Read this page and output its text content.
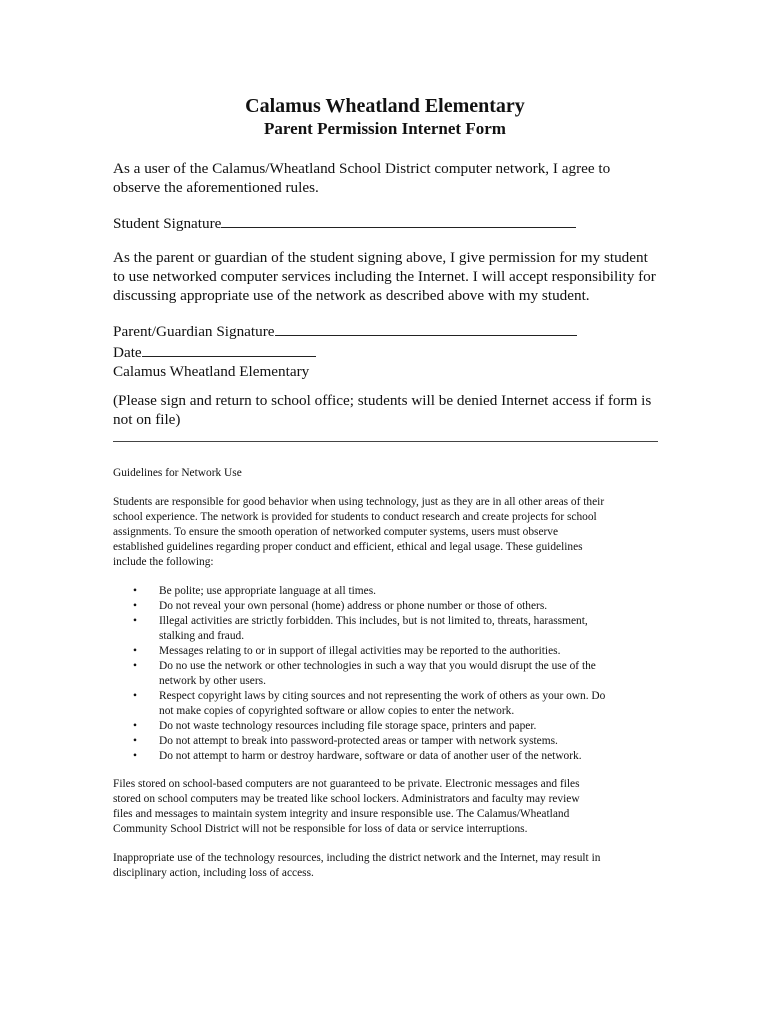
Calamus Wheatland Elementary
Parent Permission Internet Form
As a user of the Calamus/Wheatland School District computer network, I agree to
observe the aforementioned rules.
Student Signature
As the parent or guardian of the student signing above, I give permission for my student
to use networked computer services including the Internet. I will accept responsibility for
discussing appropriate use of the network as described above with my student.
Parent/Guardian Signature
Date
Calamus Wheatland Elementary
(Please sign and return to school office; students will be denied Internet access if form is
not on file)
Guidelines for Network Use
Students are responsible for good behavior when using technology, just as they are in all other areas of their
school experience. The network is provided for students to conduct research and create projects for school
assignments. To ensure the smooth operation of networked computer systems, users must observe
established guidelines regarding proper conduct and efficient, ethical and legal usage. These guidelines
include the following:
• Be polite; use appropriate language at all times.
• Do not reveal your own personal (home) address or phone number or those of others.
• Illegal activities are strictly forbidden. This includes, but is not limited to, threats, harassment,
stalking and fraud.
• Messages relating to or in support of illegal activities may be reported to the authorities.
• Do no use the network or other technologies in such a way that you would disrupt the use of the
network by other users.
• Respect copyright laws by citing sources and not representing the work of others as your own. Do
not make copies of copyrighted software or allow copies to enter the network.
• Do not waste technology resources including file storage space, printers and paper.
• Do not attempt to break into password-protected areas or tamper with network systems.
• Do not attempt to harm or destroy hardware, software or data of another user of the network.
Files stored on school-based computers are not guaranteed to be private. Electronic messages and files
stored on school computers may be treated like school lockers. Administrators and faculty may review
files and messages to maintain system integrity and insure responsible use. The Calamus/Wheatland
Community School District will not be responsible for loss of data or service interruptions.
Inappropriate use of the technology resources, including the district network and the Internet, may result in
disciplinary action, including loss of access.
